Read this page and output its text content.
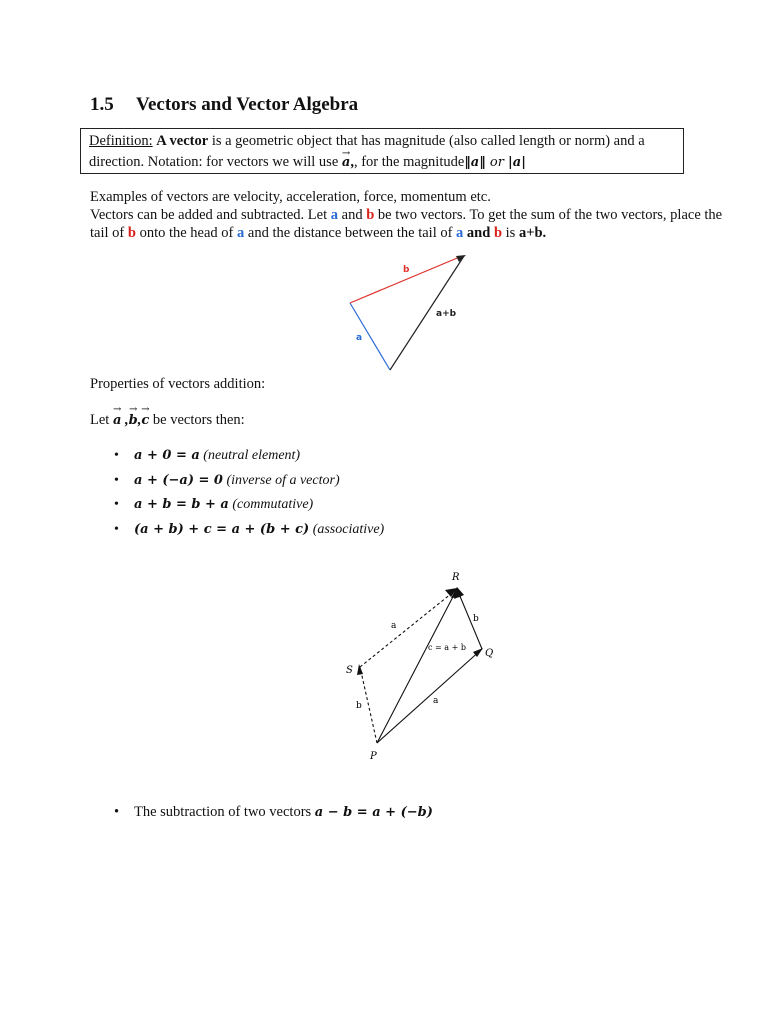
1.5 Vectors and Vector Algebra
Definition: A vector is a geometric object that has magnitude (also called length or norm) and a
direction. Notation: for vectors we will use → a,, for the magnitude‖a‖ or |a|
Examples of vectors are velocity, acceleration, force, momentum etc.
Vectors can be added and subtracted. Let a and b be two vectors. To get the sum of the two vectors, place the
tail of b onto the head of a and the distance between the tail of a and b is a+b.
a
b
a+b
Properties of vectors addition:
Let → a ,→ b,→ c be vectors then:
• a + 0 = a (neutral element)
• a + (−a) = 0 (inverse of a vector)
• a + b = b + a (commutative)
• (a + b) + c = a + (b + c) (associative)
R
Q
S
P
a
b
c = a + b
a
b
• The subtraction of two vectors a − b = a + (−b)
